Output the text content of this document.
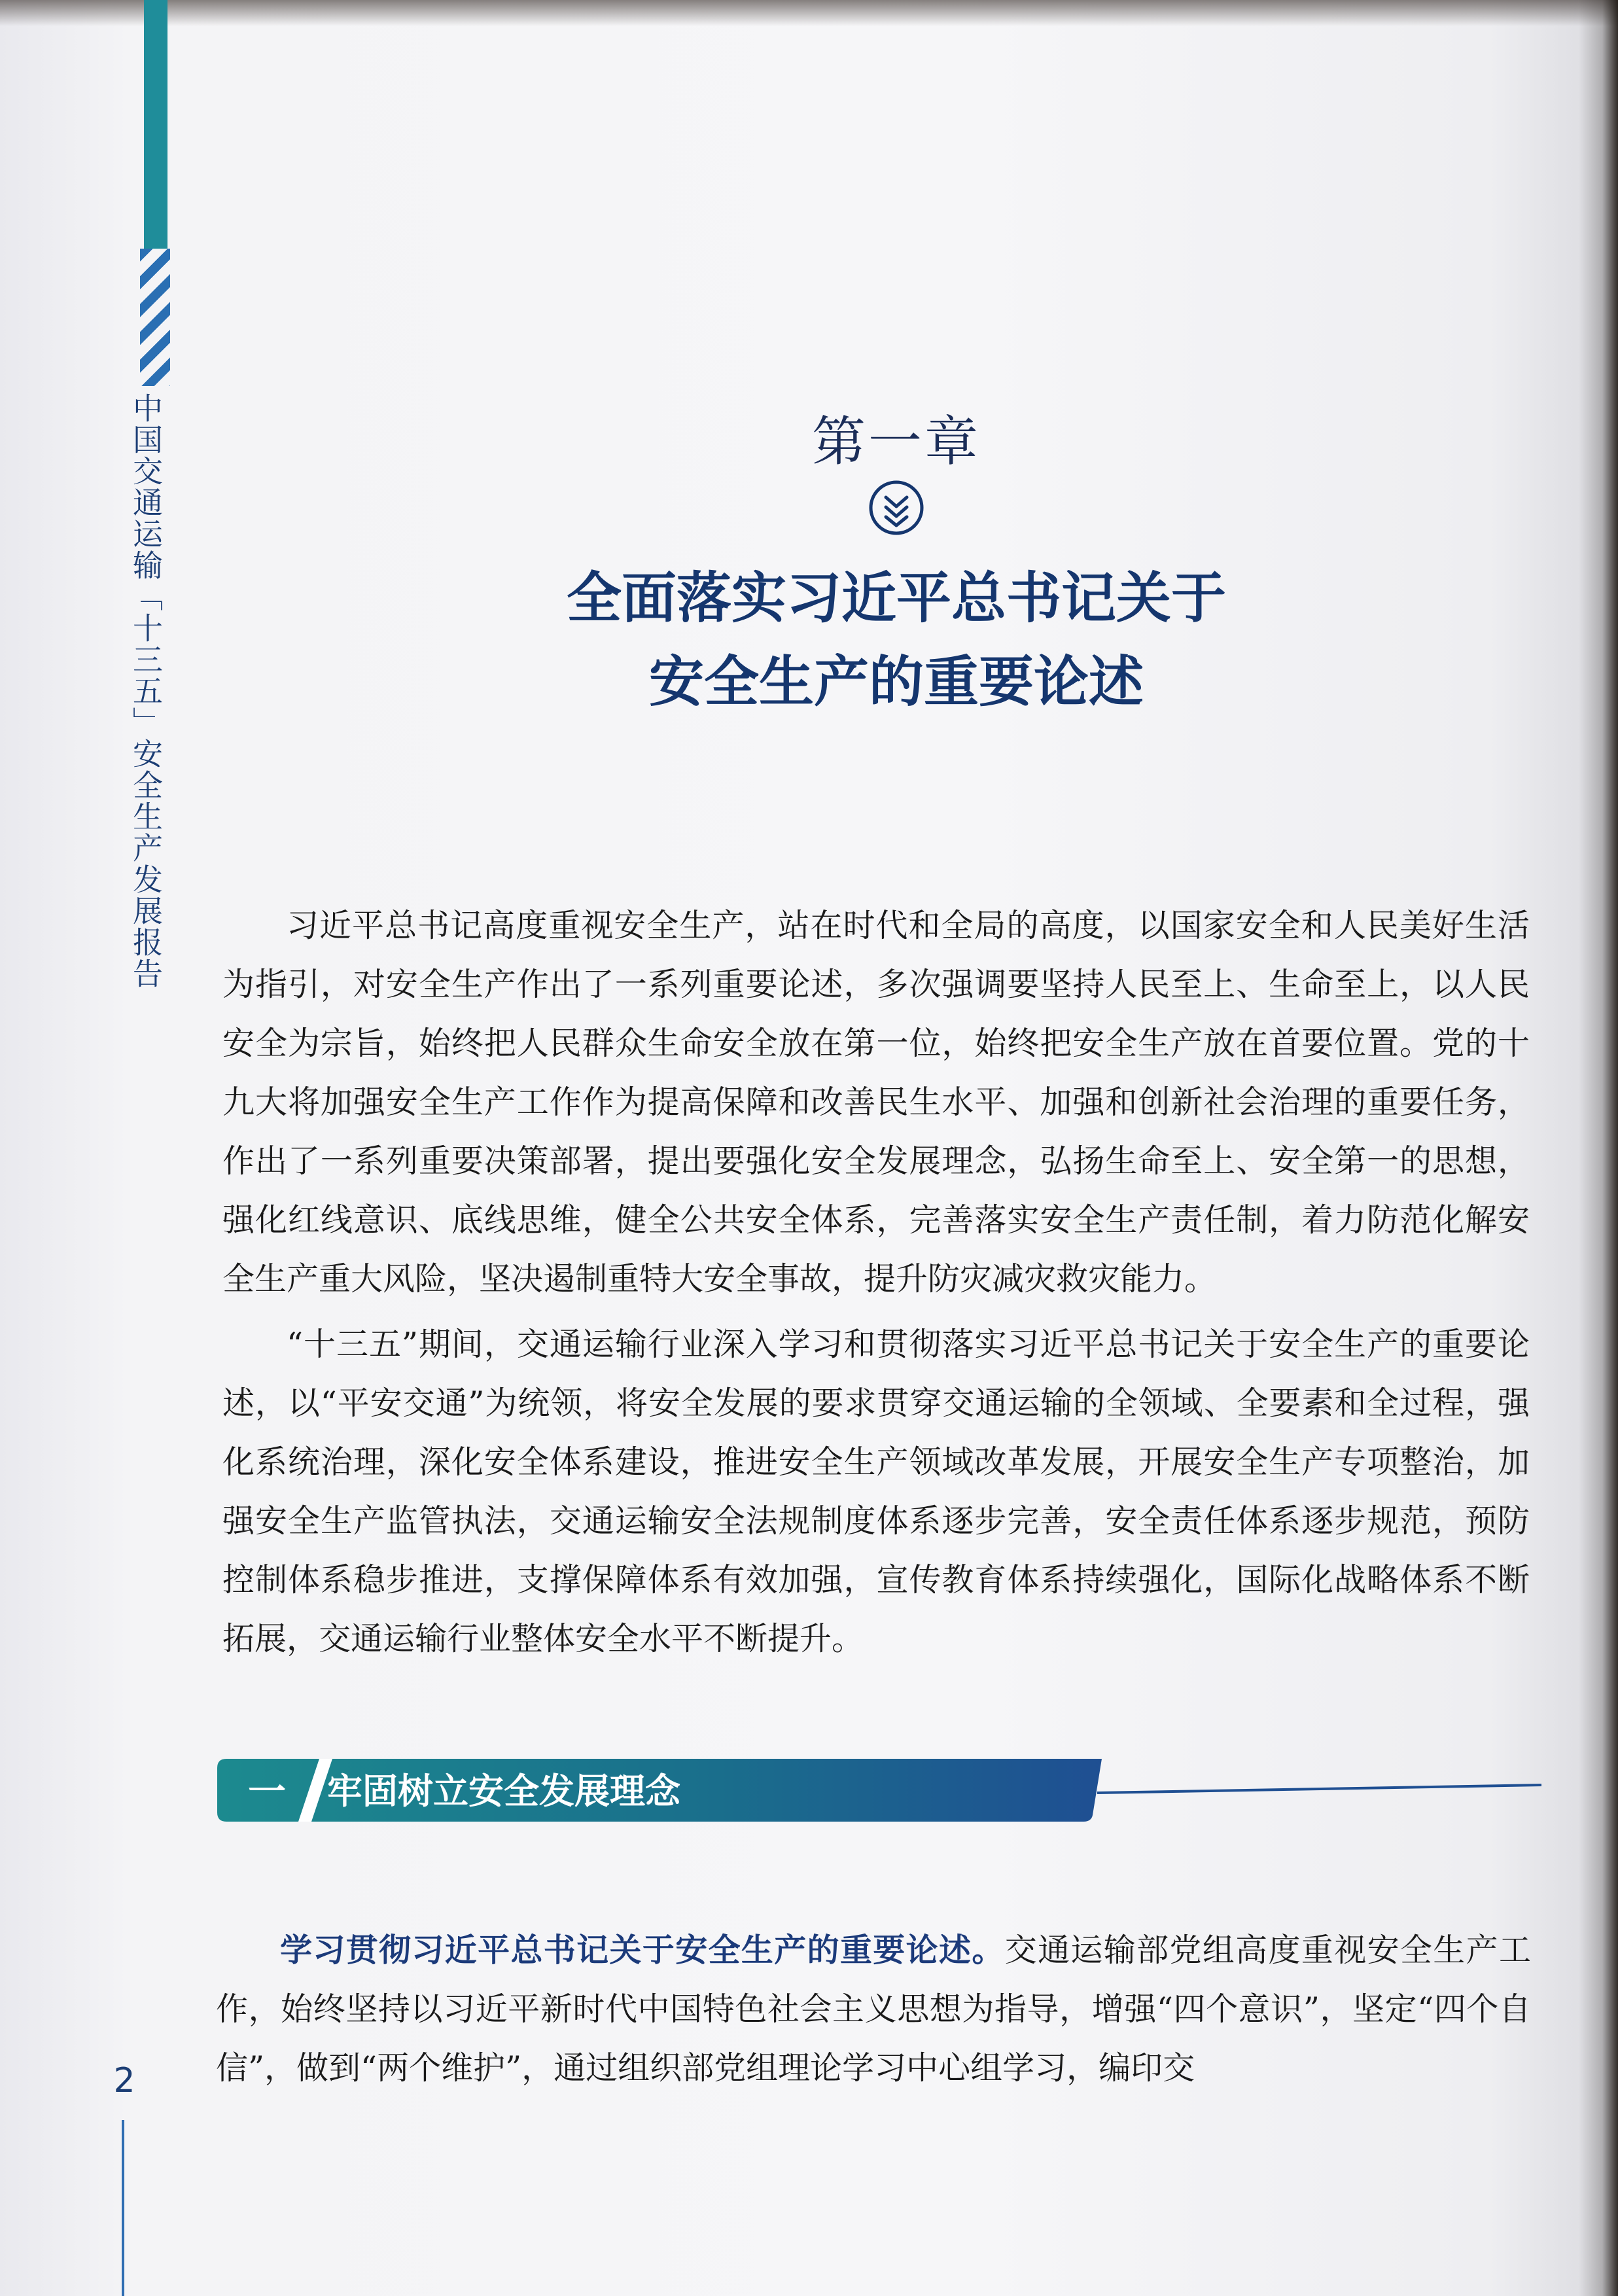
中国交通运输「十三五」安全生产发展报告	第一章
全面落实习近平总书记关于
安全生产的重要论述

习近平总书记高度重视安全生产，站在时代和全局的高度，以国家安全和人民美好生活为指引，对安全生产作出了一系列重要论述，多次强调要坚持人民至上、生命至上，以人民安全为宗旨，始终把人民群众生命安全放在第一位，始终把安全生产放在首要位置。党的十九大将加强安全生产工作作为提高保障和改善民生水平、加强和创新社会治理的重要任务，作出了一系列重要决策部署，提出要强化安全发展理念，弘扬生命至上、安全第一的思想，强化红线意识、底线思维，健全公共安全体系，完善落实安全生产责任制，着力防范化解安全生产重大风险，坚决遏制重特大安全事故，提升防灾减灾救灾能力。

“十三五”期间，交通运输行业深入学习和贯彻落实习近平总书记关于安全生产的重要论述，以“平安交通”为统领，将安全发展的要求贯穿交通运输的全领域、全要素和全过程，强化系统治理，深化安全体系建设，推进安全生产领域改革发展，开展安全生产专项整治，加强安全生产监管执法，交通运输安全法规制度体系逐步完善，安全责任体系逐步规范，预防控制体系稳步推进，支撑保障体系有效加强，宣传教育体系持续强化，国际化战略体系不断拓展，交通运输行业整体安全水平不断提升。

一 牢固树立安全发展理念

学习贯彻习近平总书记关于安全生产的重要论述。交通运输部党组高度重视安全生产工作，始终坚持以习近平新时代中国特色社会主义思想为指导，增强“四个意识”，坚定“四个自信”，做到“两个维护”，通过组织部党组理论学习中心组学习，编印交

2
